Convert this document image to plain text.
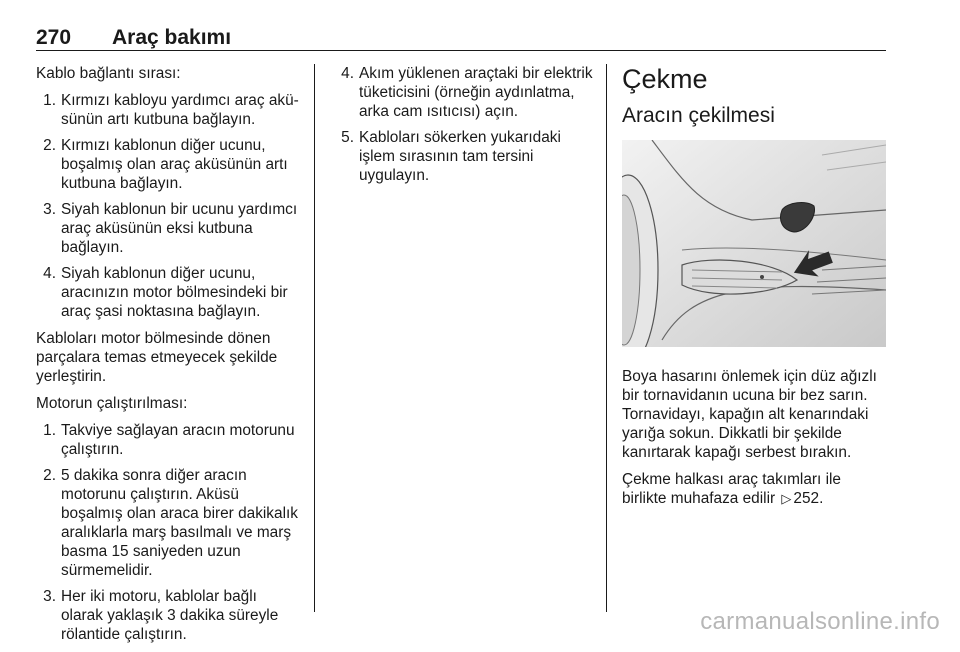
270 Araç bakımı

Kablo bağlantı sırası:

1. Kırmızı kabloyu yardımcı araç aküsünün artı kutbuna bağlayın.
2. Kırmızı kablonun diğer ucunu, boşalmış olan araç aküsünün artı kutbuna bağlayın.
3. Siyah kablonun bir ucunu yardımcı araç aküsünün eksi kutbuna bağlayın.
4. Siyah kablonun diğer ucunu, aracınızın motor bölmesindeki bir araç şasi noktasına bağlayın.

Kabloları motor bölmesinde dönen parçalara temas etmeyecek şekilde yerleştirin.

Motorun çalıştırılması:

1. Takviye sağlayan aracın motorunu çalıştırın.
2. 5 dakika sonra diğer aracın motorunu çalıştırın. Aküsü boşalmış olan araca birer dakikalık aralıklarla marş basılmalı ve marş basma 15 saniyeden uzun sürmemelidir.
3. Her iki motoru, kablolar bağlı olarak yaklaşık 3 dakika süreyle rölantide çalıştırın.
4. Akım yüklenen araçtaki bir elektrik tüketicisini (örneğin aydınlatma, arka cam ısıtıcısı) açın.
5. Kabloları sökerken yukarıdaki işlem sırasının tam tersini uygulayın.
Çekme
Aracın çekilmesi

Boya hasarını önlemek için düz ağızlı bir tornavidanın ucuna bir bez sarın. Tornavidayı, kapağın alt kenarındaki yarığa sokun. Dikkatli bir şekilde kanırtarak kapağı serbest bırakın.

Çekme halkası araç takımları ile birlikte muhafaza edilir ▷ 252.

carmanualsonline.info
